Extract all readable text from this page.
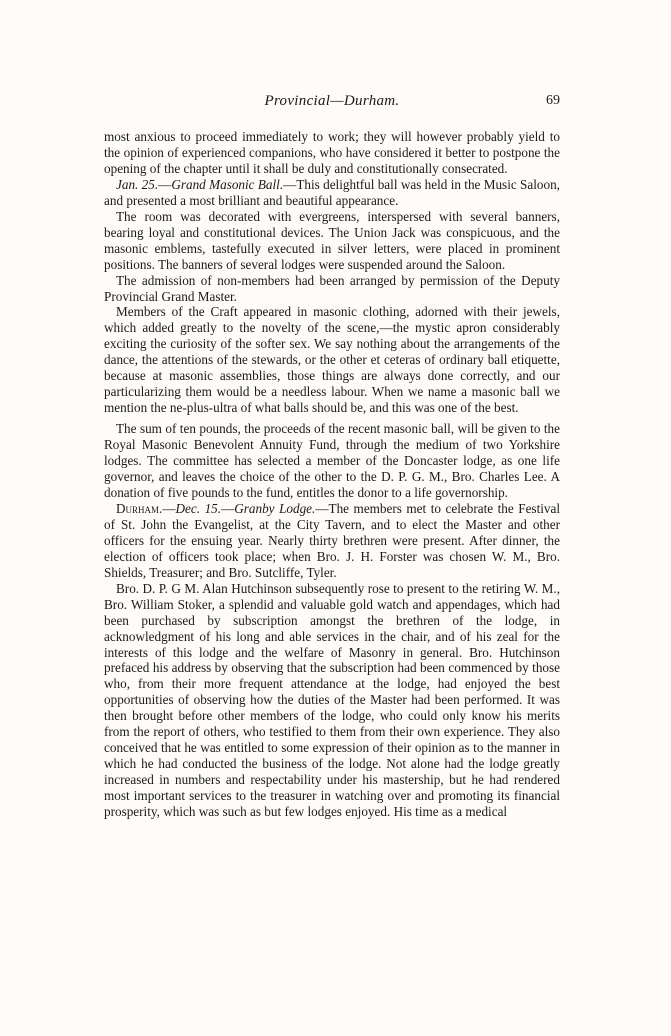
Provincial—Durham.	69

most anxious to proceed immediately to work; they will however probably yield to the opinion of experienced companions, who have considered it better to postpone the opening of the chapter until it shall be duly and constitutionally consecrated.

Jan. 25.—Grand Masonic Ball.—This delightful ball was held in the Music Saloon, and presented a most brilliant and beautiful appearance.

The room was decorated with evergreens, interspersed with several banners, bearing loyal and constitutional devices. The Union Jack was conspicuous, and the masonic emblems, tastefully executed in silver letters, were placed in prominent positions. The banners of several lodges were suspended around the Saloon.

The admission of non-members had been arranged by permission of the Deputy Provincial Grand Master.

Members of the Craft appeared in masonic clothing, adorned with their jewels, which added greatly to the novelty of the scene,—the mystic apron considerably exciting the curiosity of the softer sex. We say nothing about the arrangements of the dance, the attentions of the stewards, or the other et ceteras of ordinary ball etiquette, because at masonic assemblies, those things are always done correctly, and our particularizing them would be a needless labour. When we name a masonic ball we mention the ne-plus-ultra of what balls should be, and this was one of the best.

The sum of ten pounds, the proceeds of the recent masonic ball, will be given to the Royal Masonic Benevolent Annuity Fund, through the medium of two Yorkshire lodges. The committee has selected a member of the Doncaster lodge, as one life governor, and leaves the choice of the other to the D. P. G. M., Bro. Charles Lee. A donation of five pounds to the fund, entitles the donor to a life governorship.

Durham.—Dec. 15.—Granby Lodge.—The members met to celebrate the Festival of St. John the Evangelist, at the City Tavern, and to elect the Master and other officers for the ensuing year. Nearly thirty brethren were present. After dinner, the election of officers took place; when Bro. J. H. Forster was chosen W. M., Bro. Shields, Treasurer; and Bro. Sutcliffe, Tyler.

Bro. D. P. G M. Alan Hutchinson subsequently rose to present to the retiring W. M., Bro. William Stoker, a splendid and valuable gold watch and appendages, which had been purchased by subscription amongst the brethren of the lodge, in acknowledgment of his long and able services in the chair, and of his zeal for the interests of this lodge and the welfare of Masonry in general. Bro. Hutchinson prefaced his address by observing that the subscription had been commenced by those who, from their more frequent attendance at the lodge, had enjoyed the best opportunities of observing how the duties of the Master had been performed. It was then brought before other members of the lodge, who could only know his merits from the report of others, who testified to them from their own experience. They also conceived that he was entitled to some expression of their opinion as to the manner in which he had conducted the business of the lodge. Not alone had the lodge greatly increased in numbers and respectability under his mastership, but he had rendered most important services to the treasurer in watching over and promoting its financial prosperity, which was such as but few lodges enjoyed. His time as a medical
